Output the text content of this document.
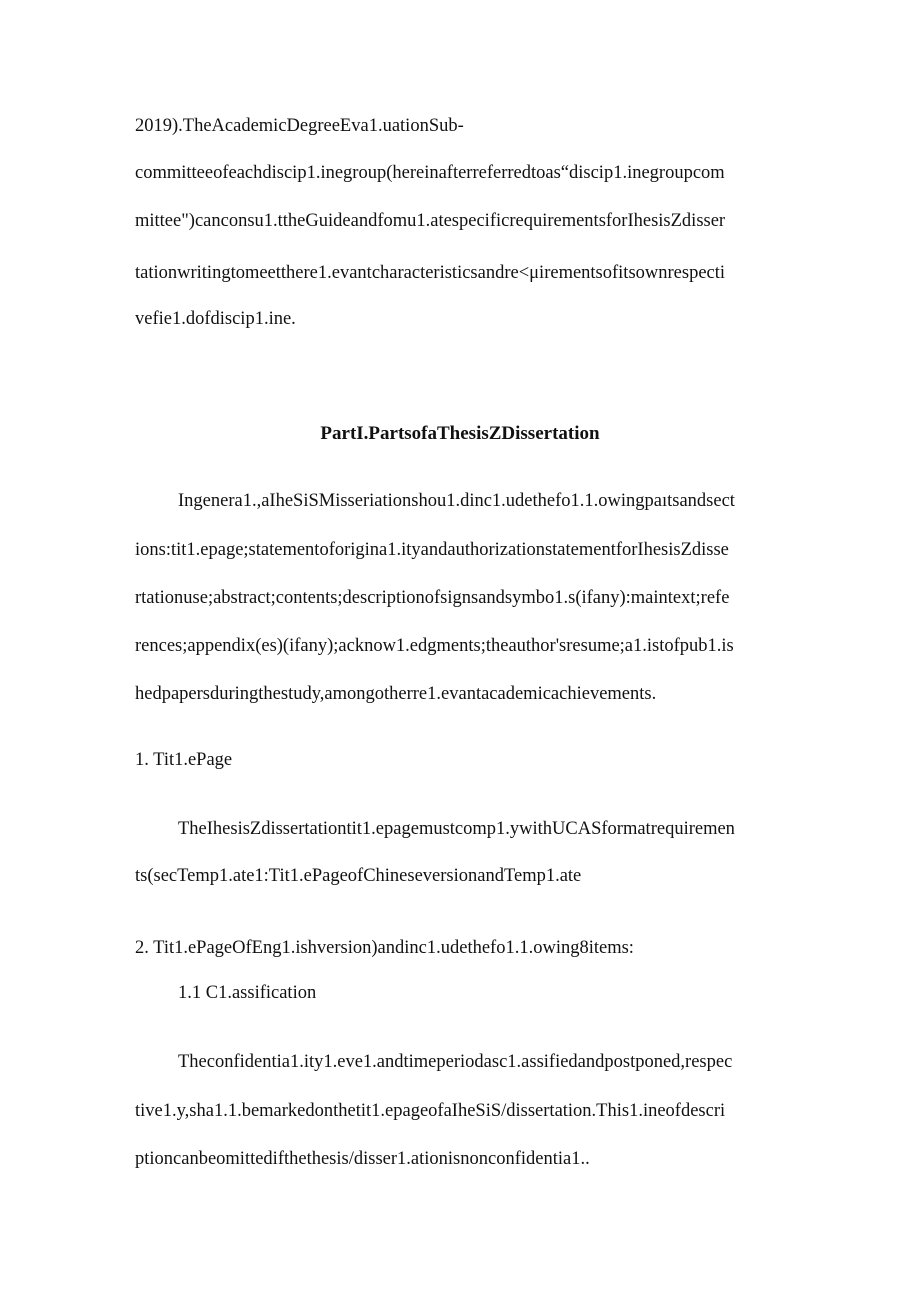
2019).TheAcademicDegreeEva1.uationSub-
committeeofeachdiscip1.inegroup(hereinafterreferredtoas“discip1.inegroupcom
mittee")canconsu1.ttheGuideandfomu1.atespecificrequirementsforIhesisZdisser
tationwritingtomeetthere1.evantcharacteristicsandre<μirementsofitsownrespecti
vefie1.dofdiscip1.ine.
PartI.PartsofaThesisZDissertation
Ingenera1.,aIheSiSMisseriationshou1.dinc1.udethefo1.1.owingpaıtsandsect
ions:tit1.epage;statementoforigina1.ityandauthorizationstatementforIhesisZdisse
rtationuse;abstract;contents;descriptionofsignsandsymbo1.s(ifany):maintext;refe
rences;appendix(es)(ifany);acknow1.edgments;theauthor'sresume;a1.istofpub1.is
hedpapersduringthestudy,amongotherre1.evantacademicachievements.
1. Tit1.ePage
TheIhesisZdissertationtit1.epagemustcomp1.ywithUCASformatrequiremen
ts(secTemp1.ate1:Tit1.ePageofChineseversionandTemp1.ate
2. Tit1.ePageOfEng1.ishversion)andinc1.udethefo1.1.owing8items:
1.1 C1.assification
Theconfidentia1.ity1.eve1.andtimeperiodasc1.assifiedandpostponed,respec
tive1.y,sha1.1.bemarkedonthetit1.epageofaIheSiS/dissertation.This1.ineofdescri
ptioncanbeomittedifthethesis/disser1.ationisnonconfidentia1..
